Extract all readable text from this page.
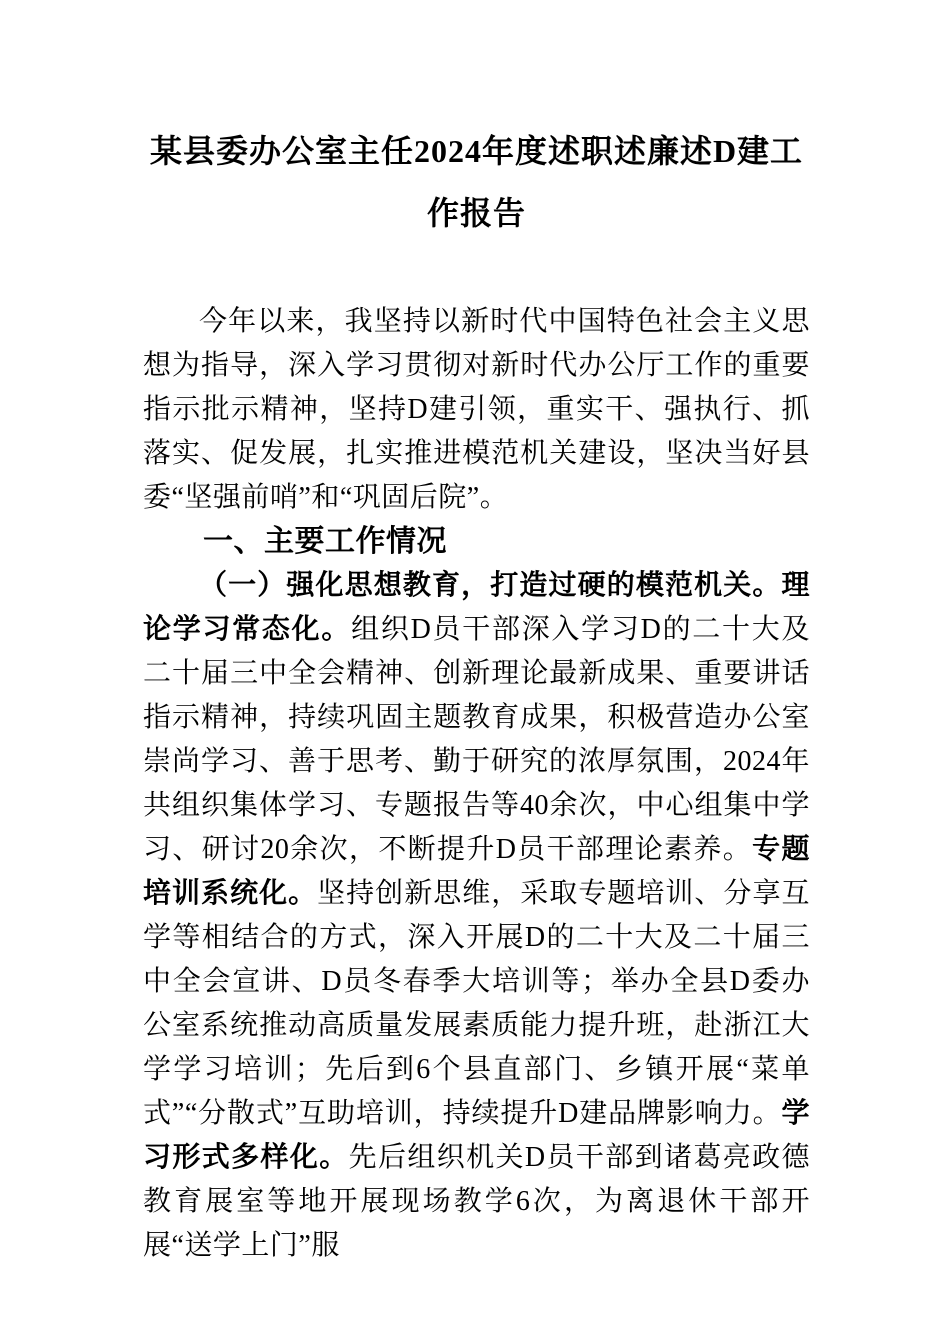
某县委办公室主任2024年度述职述廉述D建工作报告

今年以来，我坚持以新时代中国特色社会主义思想为指导，深入学习贯彻对新时代办公厅工作的重要指示批示精神，坚持D建引领，重实干、强执行、抓落实、促发展，扎实推进模范机关建设，坚决当好县委“坚强前哨”和“巩固后院”。

一、主要工作情况

（一）强化思想教育，打造过硬的模范机关。理论学习常态化。组织D员干部深入学习D的二十大及二十届三中全会精神、创新理论最新成果、重要讲话指示精神，持续巩固主题教育成果，积极营造办公室崇尚学习、善于思考、勤于研究的浓厚氛围，2024年共组织集体学习、专题报告等40余次，中心组集中学习、研讨20余次，不断提升D员干部理论素养。专题培训系统化。坚持创新思维，采取专题培训、分享互学等相结合的方式，深入开展D的二十大及二十届三中全会宣讲、D员冬春季大培训等；举办全县D委办公室系统推动高质量发展素质能力提升班，赴浙江大学学习培训；先后到6个县直部门、乡镇开展“菜单式”“分散式”互助培训，持续提升D建品牌影响力。学习形式多样化。先后组织机关D员干部到诸葛亮政德教育展室等地开展现场教学6次，为离退休干部开展“送学上门”服
